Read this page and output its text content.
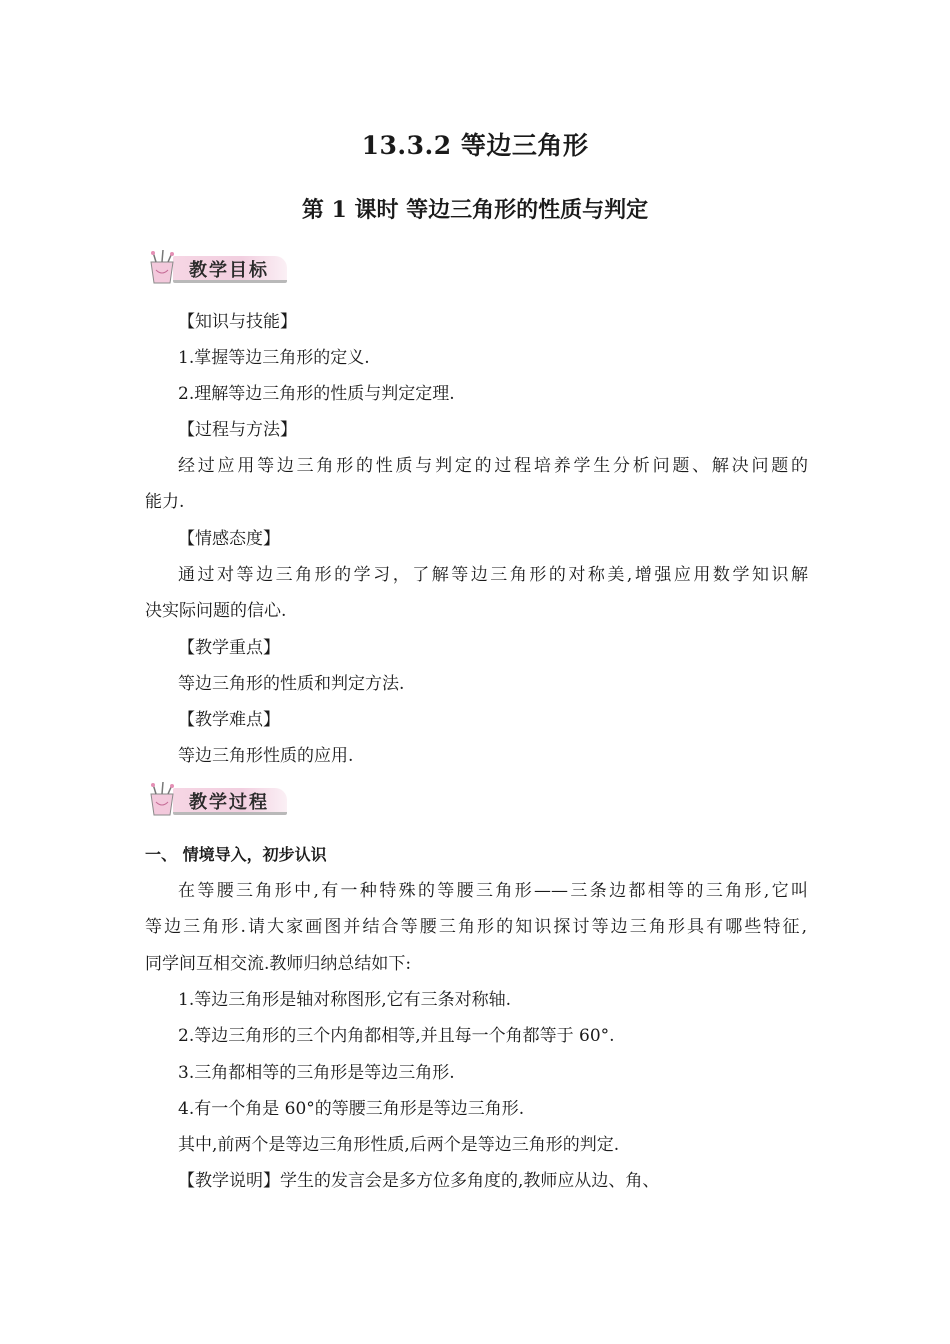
13.3.2 等边三角形
第 1 课时 等边三角形的性质与判定
教学目标
【知识与技能】
1.掌握等边三角形的定义.
2.理解等边三角形的性质与判定定理.
【过程与方法】
经过应用等边三角形的性质与判定的过程培养学生分析问题、解决问题的
能力.
【情感态度】
通过对等边三角形的学习，了解等边三角形的对称美,增强应用数学知识解
决实际问题的信心.
【教学重点】
等边三角形的性质和判定方法.
【教学难点】
等边三角形性质的应用.
教学过程
一、 情境导入，初步认识
在等腰三角形中,有一种特殊的等腰三角形——三条边都相等的三角形,它叫
等边三角形.请大家画图并结合等腰三角形的知识探讨等边三角形具有哪些特征,
同学间互相交流.教师归纳总结如下:
1.等边三角形是轴对称图形,它有三条对称轴.
2.等边三角形的三个内角都相等,并且每一个角都等于 60°.
3.三角都相等的三角形是等边三角形.
4.有一个角是 60°的等腰三角形是等边三角形.
其中,前两个是等边三角形性质,后两个是等边三角形的判定.
【教学说明】学生的发言会是多方位多角度的,教师应从边、角、
